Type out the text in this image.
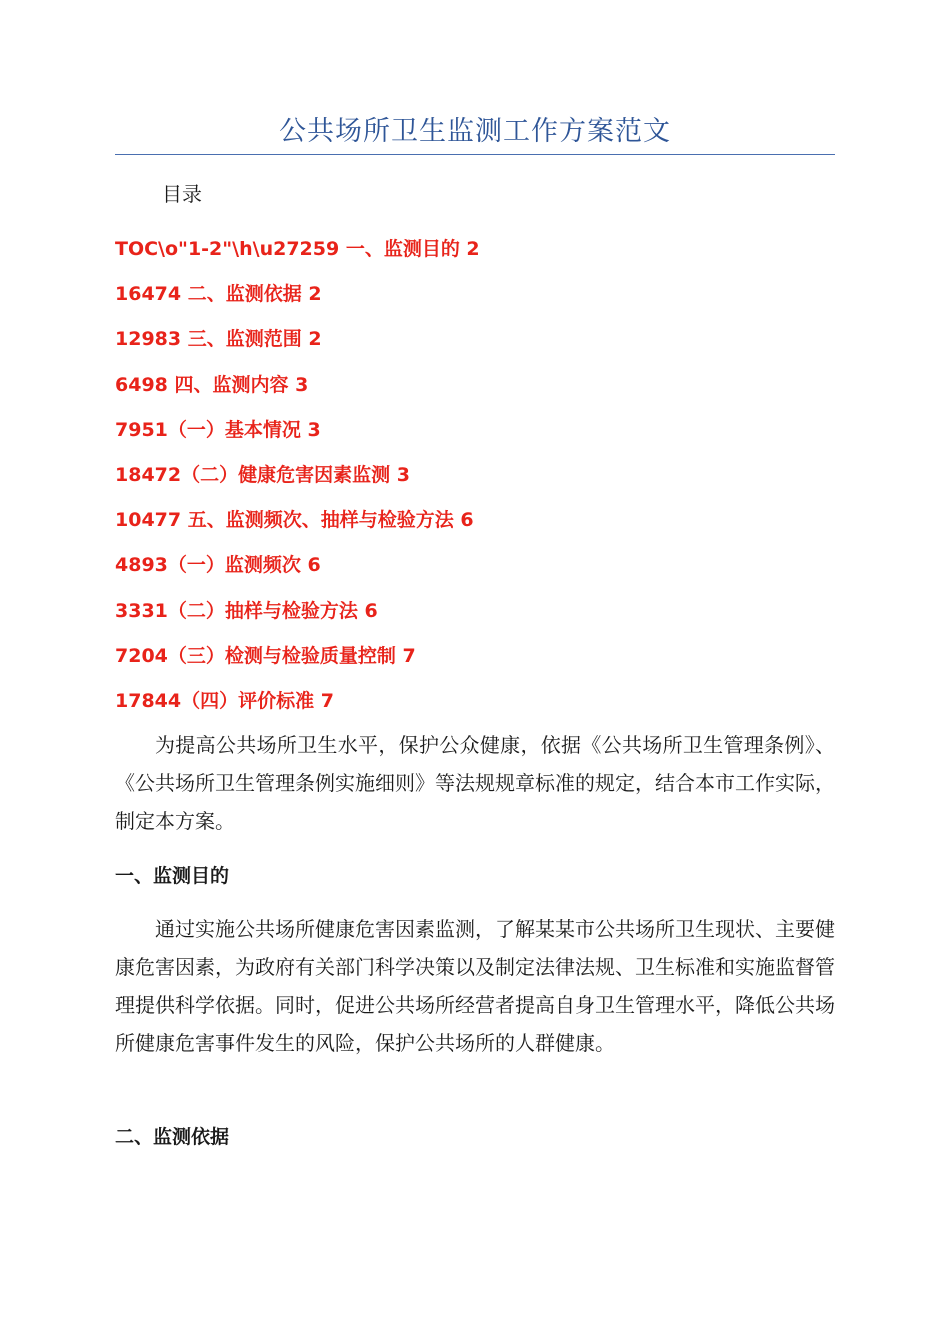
公共场所卫生监测工作方案范文
目录
TOC\o"1-2"\h\u27259 一、监测目的 2
16474 二、监测依据 2
12983 三、监测范围 2
6498 四、监测内容 3
7951（一）基本情况 3
18472（二）健康危害因素监测 3
10477 五、监测频次、抽样与检验方法 6
4893（一）监测频次 6
3331（二）抽样与检验方法 6
7204（三）检测与检验质量控制 7
17844（四）评价标准 7

为提高公共场所卫生水平，保护公众健康，依据《公共场所卫生管理条例》、《公共场所卫生管理条例实施细则》等法规规章标准的规定，结合本市工作实际，制定本方案。

一、监测目的

通过实施公共场所健康危害因素监测，了解某某市公共场所卫生现状、主要健康危害因素，为政府有关部门科学决策以及制定法律法规、卫生标准和实施监督管理提供科学依据。同时，促进公共场所经营者提高自身卫生管理水平，降低公共场所健康危害事件发生的风险，保护公共场所的人群健康。

二、监测依据
